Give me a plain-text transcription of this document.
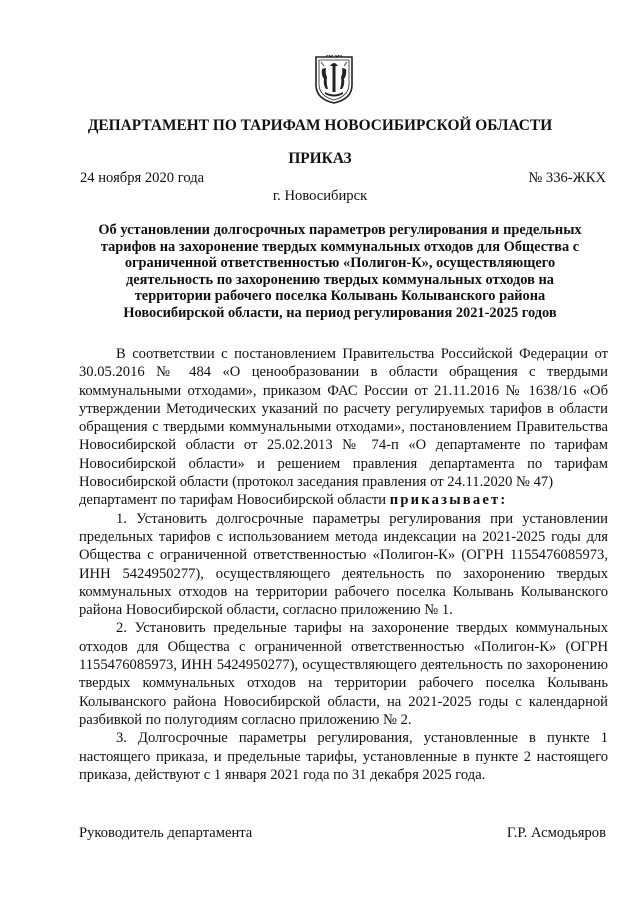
ДЕПАРТАМЕНТ ПО ТАРИФАМ НОВОСИБИРСКОЙ ОБЛАСТИ
ПРИКАЗ
24 ноября 2020 года	№ 336-ЖКХ
г. Новосибирск
Об установлении долгосрочных параметров регулирования и предельных тарифов на захоронение твердых коммунальных отходов для Общества с ограниченной ответственностью «Полигон-К», осуществляющего деятельность по захоронению твердых коммунальных отходов на территории рабочего поселка Колывань Колыванского района Новосибирской области, на период регулирования 2021-2025 годов

В соответствии с постановлением Правительства Российской Федерации от 30.05.2016 № 484 «О ценообразовании в области обращения с твердыми коммунальными отходами», приказом ФАС России от 21.11.2016 № 1638/16 «Об утверждении Методических указаний по расчету регулируемых тарифов в области обращения с твердыми коммунальными отходами», постановлением Правительства Новосибирской области от 25.02.2013 № 74-п «О департаменте по тарифам Новосибирской области» и решением правления департамента по тарифам Новосибирской области (протокол заседания правления от 24.11.2020 № 47)

департамент по тарифам Новосибирской области приказывает:

1. Установить долгосрочные параметры регулирования при установлении предельных тарифов с использованием метода индексации на 2021-2025 годы для Общества с ограниченной ответственностью «Полигон-К» (ОГРН 1155476085973, ИНН 5424950277), осуществляющего деятельность по захоронению твердых коммунальных отходов на территории рабочего поселка Колывань Колыванского района Новосибирской области, согласно приложению № 1.

2. Установить предельные тарифы на захоронение твердых коммунальных отходов для Общества с ограниченной ответственностью «Полигон-К» (ОГРН 1155476085973, ИНН 5424950277), осуществляющего деятельность по захоронению твердых коммунальных отходов на территории рабочего поселка Колывань Колыванского района Новосибирской области, на 2021-2025 годы с календарной разбивкой по полугодиям согласно приложению № 2.

3. Долгосрочные параметры регулирования, установленные в пункте 1 настоящего приказа, и предельные тарифы, установленные в пункте 2 настоящего приказа, действуют с 1 января 2021 года по 31 декабря 2025 года.

Руководитель департамента	Г.Р. Асмодьяров
